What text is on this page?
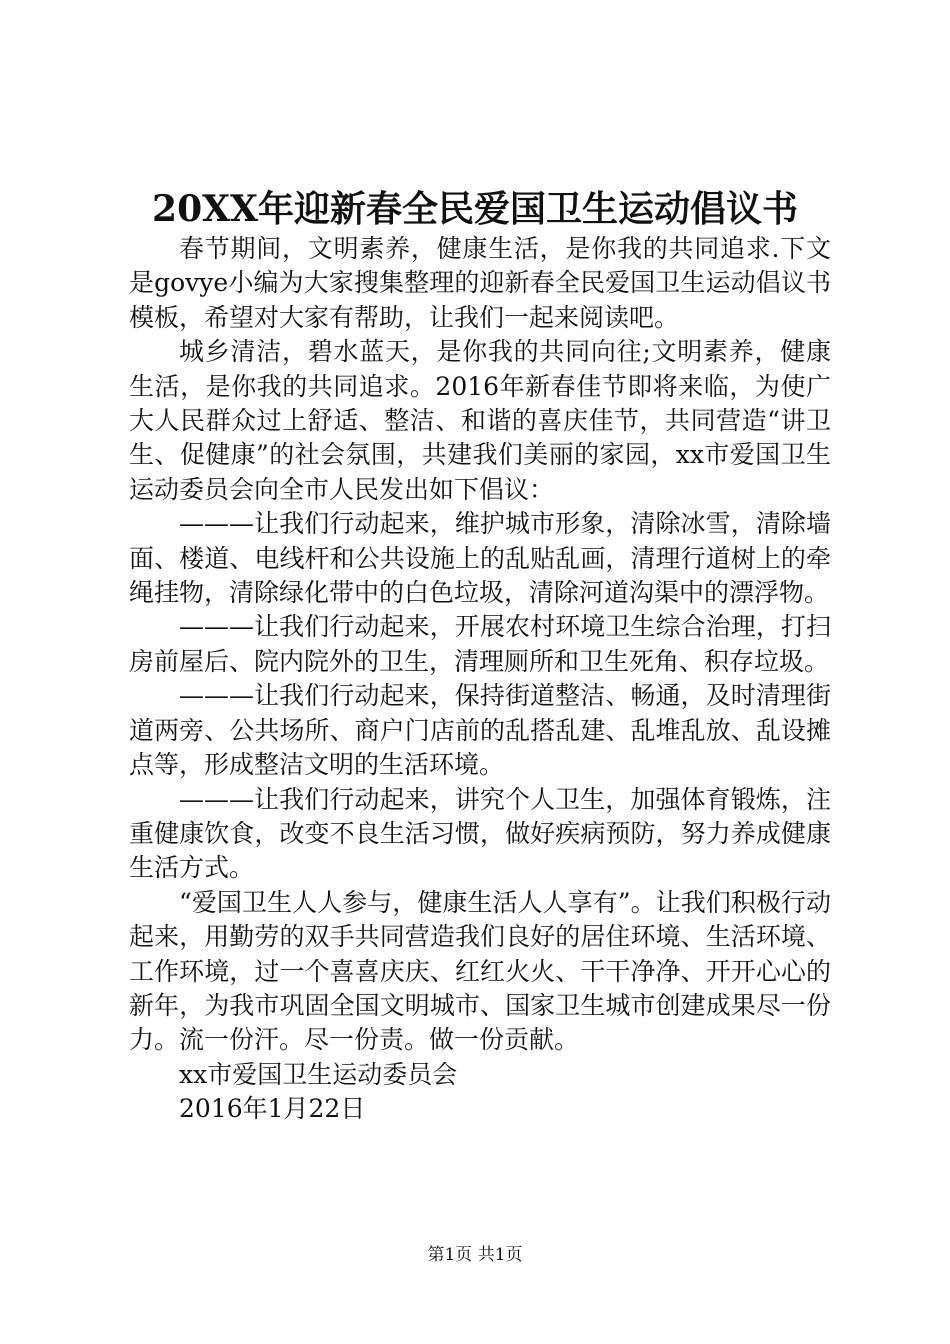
20XX年迎新春全民爱国卫生运动倡议书

春节期间，文明素养，健康生活，是你我的共同追求.下文是govye小编为大家搜集整理的迎新春全民爱国卫生运动倡议书模板，希望对大家有帮助，让我们一起来阅读吧。

城乡清洁，碧水蓝天，是你我的共同向往;文明素养，健康生活，是你我的共同追求。2016年新春佳节即将来临，为使广大人民群众过上舒适、整洁、和谐的喜庆佳节，共同营造“讲卫生、促健康”的社会氛围，共建我们美丽的家园，xx市爱国卫生运动委员会向全市人民发出如下倡议：

———让我们行动起来，维护城市形象，清除冰雪，清除墙面、楼道、电线杆和公共设施上的乱贴乱画，清理行道树上的牵绳挂物，清除绿化带中的白色垃圾，清除河道沟渠中的漂浮物。

———让我们行动起来，开展农村环境卫生综合治理，打扫房前屋后、院内院外的卫生，清理厕所和卫生死角、积存垃圾。

———让我们行动起来，保持街道整洁、畅通，及时清理街道两旁、公共场所、商户门店前的乱搭乱建、乱堆乱放、乱设摊点等，形成整洁文明的生活环境。

———让我们行动起来，讲究个人卫生，加强体育锻炼，注重健康饮食，改变不良生活习惯，做好疾病预防，努力养成健康生活方式。

“爱国卫生人人参与，健康生活人人享有”。让我们积极行动起来，用勤劳的双手共同营造我们良好的居住环境、生活环境、工作环境，过一个喜喜庆庆、红红火火、干干净净、开开心心的新年，为我市巩固全国文明城市、国家卫生城市创建成果尽一份力。流一份汗。尽一份责。做一份贡献。

xx市爱国卫生运动委员会

2016年1月22日

第1页 共1页
